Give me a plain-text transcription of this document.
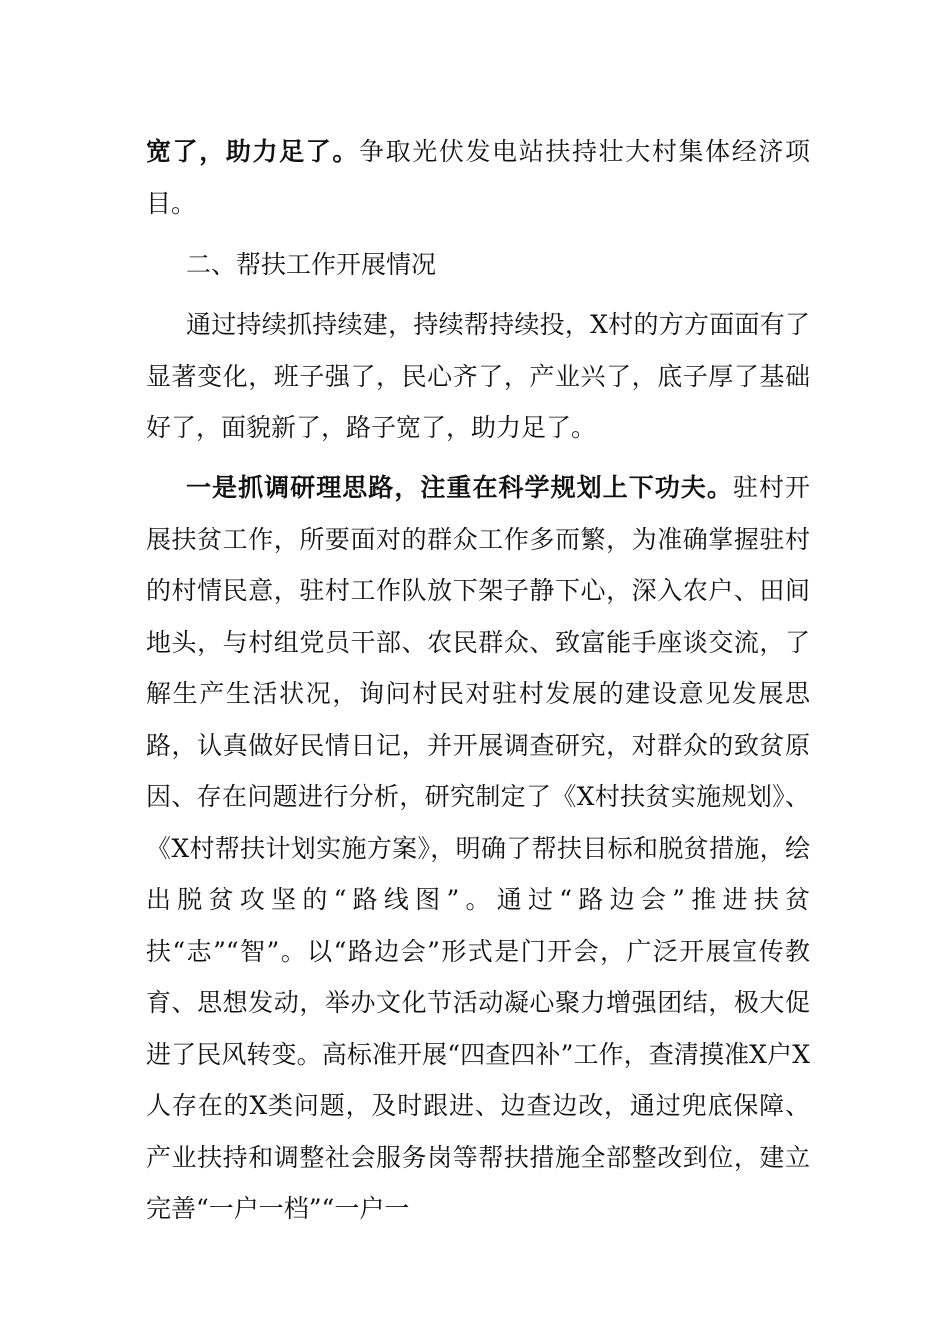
宽了，助力足了。争取光伏发电站扶持壮大村集体经济项目。

二、帮扶工作开展情况

通过持续抓持续建，持续帮持续投，X村的方方面面有了显著变化，班子强了，民心齐了，产业兴了，底子厚了基础好了，面貌新了，路子宽了，助力足了。

一是抓调研理思路，注重在科学规划上下功夫。驻村开展扶贫工作，所要面对的群众工作多而繁，为准确掌握驻村的村情民意，驻村工作队放下架子静下心，深入农户、田间地头，与村组党员干部、农民群众、致富能手座谈交流，了解生产生活状况，询问村民对驻村发展的建设意见发展思路，认真做好民情日记，并开展调查研究，对群众的致贫原因、存在问题进行分析，研究制定了《X村扶贫实施规划》、《X村帮扶计划实施方案》，明确了帮扶目标和脱贫措施，绘出脱贫攻坚的“路线图”。通过“路边会”推进扶贫扶“志”“智”。以“路边会”形式是门开会，广泛开展宣传教育、思想发动，举办文化节活动凝心聚力增强团结，极大促进了民风转变。高标准开展“四查四补”工作，查清摸准X户X人存在的X类问题，及时跟进、边查边改，通过兜底保障、产业扶持和调整社会服务岗等帮扶措施全部整改到位，建立完善“一户一档”“一户一
